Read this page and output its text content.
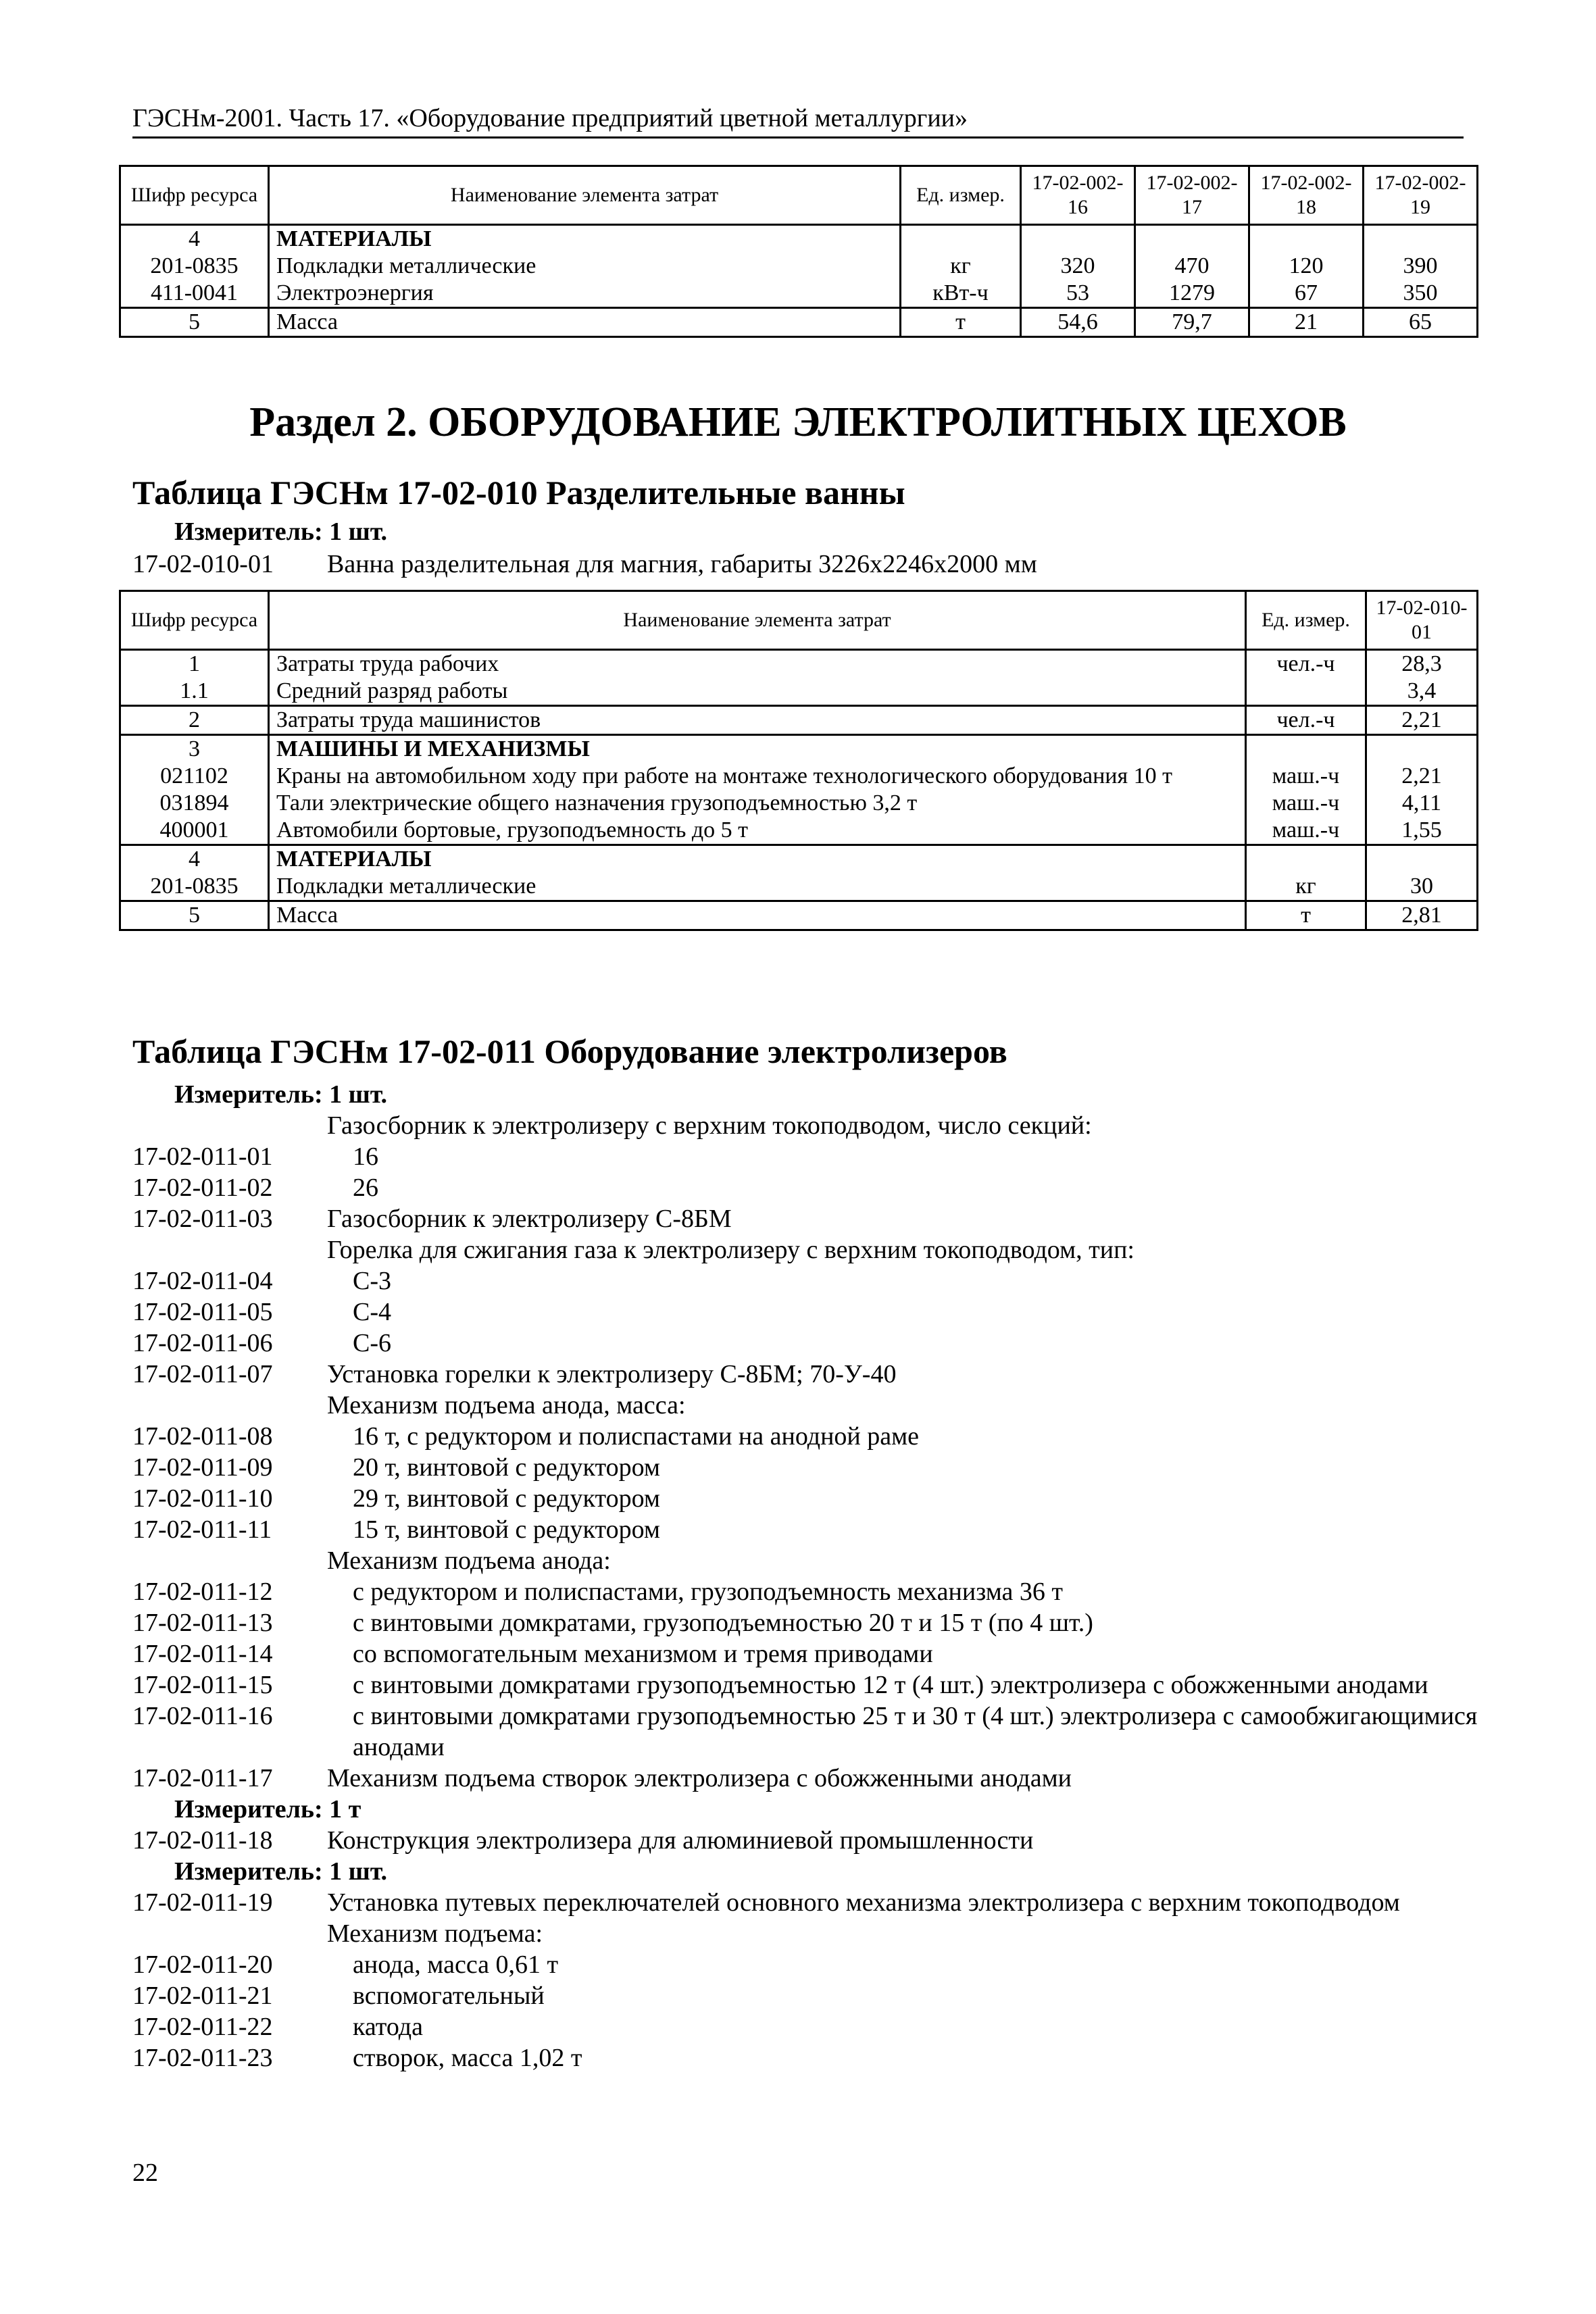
ГЭСНм-2001. Часть 17. «Оборудование предприятий цветной металлургии»
Шифр ресурса	Наименование элемента затрат	Ед. измер.	17-02-002-16	17-02-002-17	17-02-002-18	17-02-002-19
4	МАТЕРИАЛЫ					
201-0835	Подкладки металлические	кг	320	470	120	390
411-0041	Электроэнергия	кВт-ч	53	1279	67	350
5	Масса	т	54,6	79,7	21	65
Раздел 2. ОБОРУДОВАНИЕ ЭЛЕКТРОЛИТНЫХ ЦЕХОВ
Таблица ГЭСНм 17-02-010 Разделительные ванны
Измеритель: 1 шт.
17-02-010-01 Ванна разделительная для магния, габариты 3226х2246х2000 мм
Шифр ресурса	Наименование элемента затрат	Ед. измер.	17-02-010-01
1	Затраты труда рабочих	чел.-ч	28,3
1.1	Средний разряд работы		3,4
2	Затраты труда машинистов	чел.-ч	2,21
3	МАШИНЫ И МЕХАНИЗМЫ		
021102	Краны на автомобильном ходу при работе на монтаже технологического оборудования 10 т	маш.-ч	2,21
031894	Тали электрические общего назначения грузоподъемностью 3,2 т	маш.-ч	4,11
400001	Автомобили бортовые, грузоподъемность до 5 т	маш.-ч	1,55
4	МАТЕРИАЛЫ		
201-0835	Подкладки металлические	кг	30
5	Масса	т	2,81
Таблица ГЭСНм 17-02-011 Оборудование электролизеров
Измеритель: 1 шт.
Газосборник к электролизеру с верхним токоподводом, число секций:
17-02-011-01	16
17-02-011-02	26
17-02-011-03	Газосборник к электролизеру С-8БМ
Горелка для сжигания газа к электролизеру с верхним токоподводом, тип:
17-02-011-04	С-3
17-02-011-05	С-4
17-02-011-06	С-6
17-02-011-07	Установка горелки к электролизеру С-8БМ; 70-У-40
Механизм подъема анода, масса:
17-02-011-08	16 т, с редуктором и полиспастами на анодной раме
17-02-011-09	20 т, винтовой с редуктором
17-02-011-10	29 т, винтовой с редуктором
17-02-011-11	15 т, винтовой с редуктором
Механизм подъема анода:
17-02-011-12	с редуктором и полиспастами, грузоподъемность механизма 36 т
17-02-011-13	с винтовыми домкратами, грузоподъемностью 20 т и 15 т (по 4 шт.)
17-02-011-14	со вспомогательным механизмом и тремя приводами
17-02-011-15	с винтовыми домкратами грузоподъемностью 12 т (4 шт.) электролизера с обожженными анодами
17-02-011-16	с винтовыми домкратами грузоподъемностью 25 т и 30 т (4 шт.) электролизера с самообжигающимися анодами
17-02-011-17	Механизм подъема створок электролизера с обожженными анодами
Измеритель: 1 т
17-02-011-18	Конструкция электролизера для алюминиевой промышленности
Измеритель: 1 шт.
17-02-011-19	Установка путевых переключателей основного механизма электролизера с верхним токоподводом
Механизм подъема:
17-02-011-20	анода, масса 0,61 т
17-02-011-21	вспомогательный
17-02-011-22	катода
17-02-011-23	створок, масса 1,02 т
22
